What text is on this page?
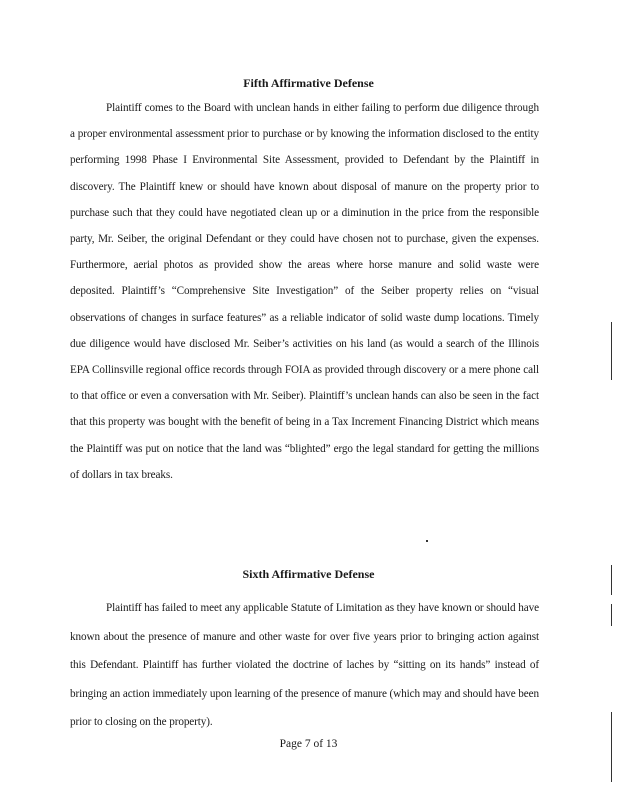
Fifth Affirmative Defense

Plaintiff comes to the Board with unclean hands in either failing to perform due diligence through a proper environmental assessment prior to purchase or by knowing the information disclosed to the entity performing 1998 Phase I Environmental Site Assessment, provided to Defendant by the Plaintiff in discovery. The Plaintiff knew or should have known about disposal of manure on the property prior to purchase such that they could have negotiated clean up or a diminution in the price from the responsible party, Mr. Seiber, the original Defendant or they could have chosen not to purchase, given the expenses. Furthermore, aerial photos as provided show the areas where horse manure and solid waste were deposited. Plaintiff’s “Comprehensive Site Investigation” of the Seiber property relies on “visual observations of changes in surface features” as a reliable indicator of solid waste dump locations. Timely due diligence would have disclosed Mr. Seiber’s activities on his land (as would a search of the Illinois EPA Collinsville regional office records through FOIA as provided through discovery or a mere phone call to that office or even a conversation with Mr. Seiber). Plaintiff’s unclean hands can also be seen in the fact that this property was bought with the benefit of being in a Tax Increment Financing District which means the Plaintiff was put on notice that the land was “blighted” ergo the legal standard for getting the millions of dollars in tax breaks.

Sixth Affirmative Defense

Plaintiff has failed to meet any applicable Statute of Limitation as they have known or should have known about the presence of manure and other waste for over five years prior to bringing action against this Defendant. Plaintiff has further violated the doctrine of laches by “sitting on its hands” instead of bringing an action immediately upon learning of the presence of manure (which may and should have been prior to closing on the property).

Page 7 of 13
